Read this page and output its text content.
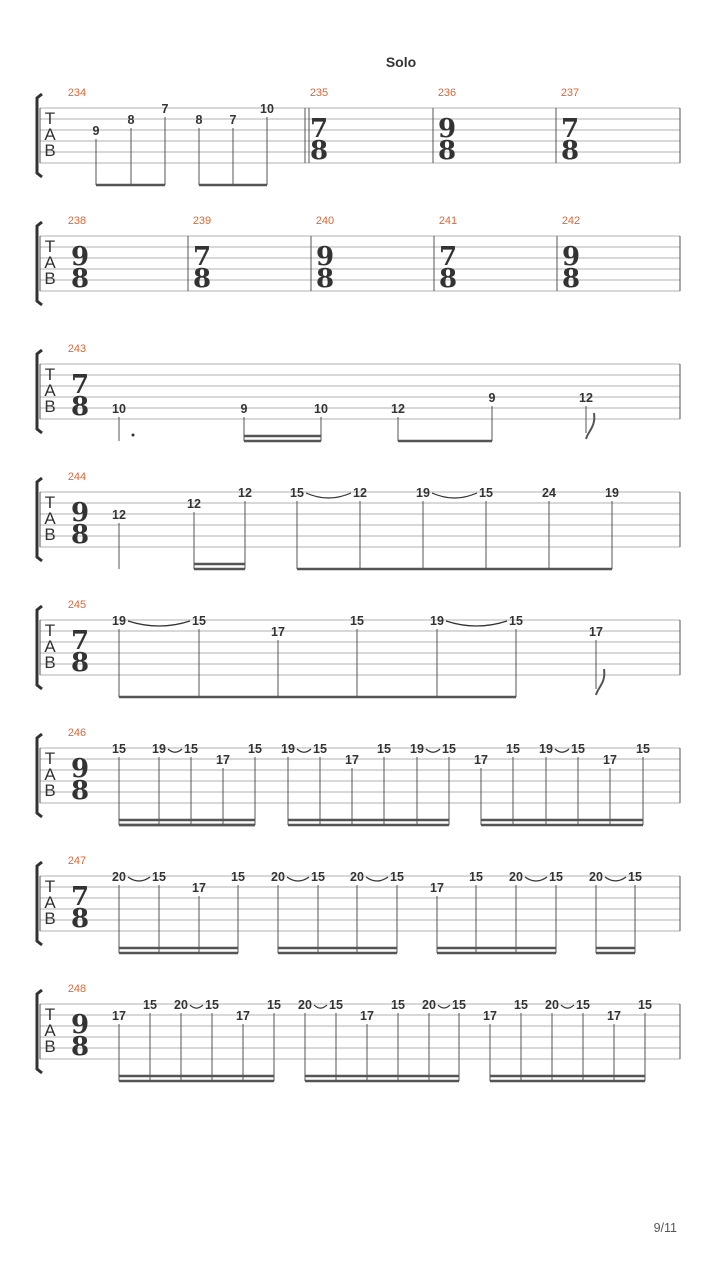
Solo
T
A
B
234
9
8
7
8 7
10
235
7
8
236
9
8
237
7
8
T
A
B
238
9
8
239
7
8
240
9
8
241
7
8
242
9
8
T
A
B
243
7
8 10	9	10	12
9	12
T
A
B
244
9
8
12
12
12	15	12	19	15	24	19
T
A
B
245
7
8
19	15
17
15	19	15
17
T
A
B
246
9
8
15 19 15
17
15 19 15
17
15 19 15
17
15 19 15
17
15
T
A
B
247
7
8
20 15
17
15 20 15 20 15
17
15 20 15 20 15
T
A
B
248
9
8
17
15 20 15
17
15 20 15
17
15 20 15
17
15 20 15
17
15
9/11
